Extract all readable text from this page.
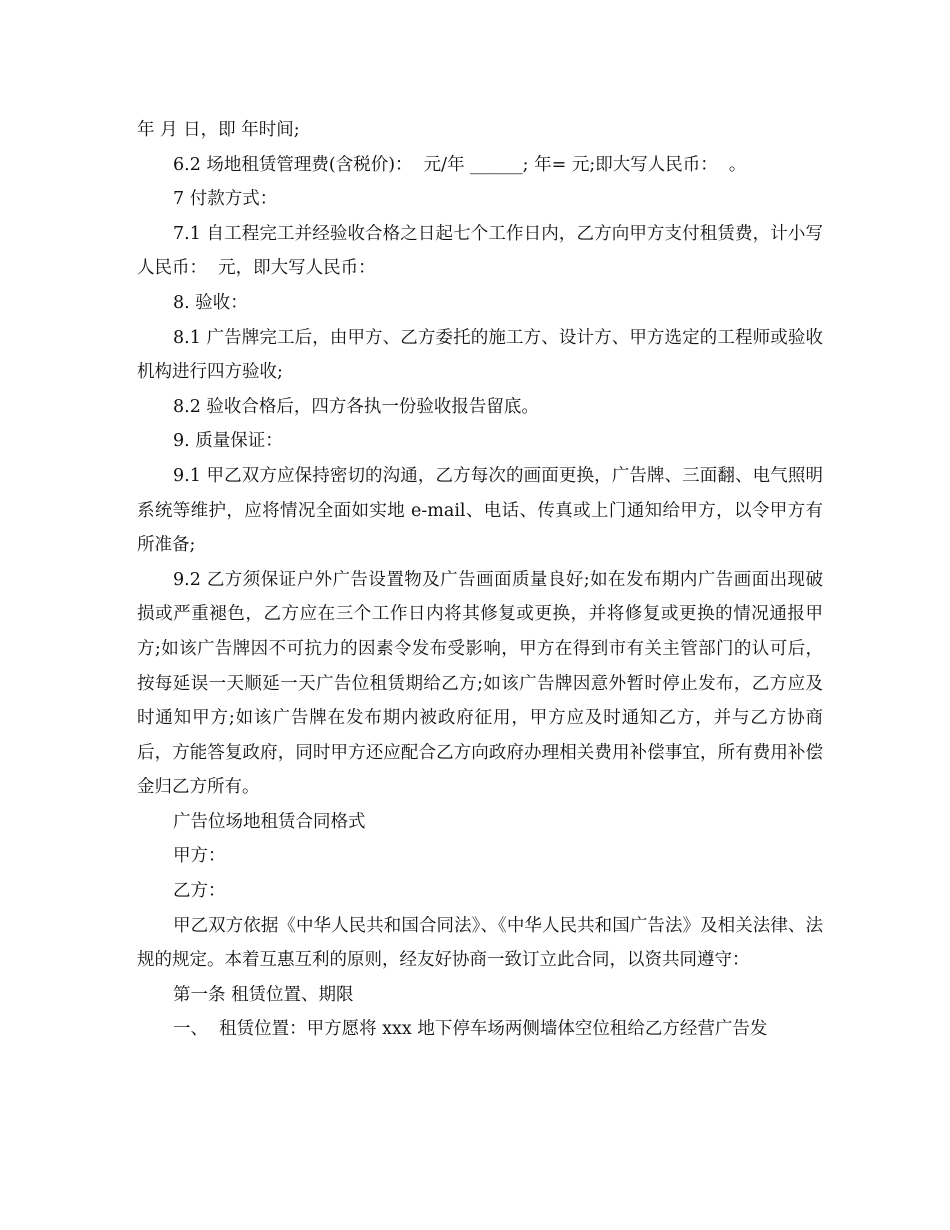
年 月 日，即 年时间;

6.2 场地租赁管理费(含税价)：  元/年 ______; 年= 元;即大写人民币：  。

7 付款方式：

7.1 自工程完工并经验收合格之日起七个工作日内，乙方向甲方支付租赁费，计小写人民币：  元，即大写人民币：

8. 验收：

8.1 广告牌完工后，由甲方、乙方委托的施工方、设计方、甲方选定的工程师或验收机构进行四方验收;

8.2 验收合格后，四方各执一份验收报告留底。

9. 质量保证：

9.1 甲乙双方应保持密切的沟通，乙方每次的画面更换，广告牌、三面翻、电气照明系统等维护，应将情况全面如实地 e-mail、电话、传真或上门通知给甲方，以令甲方有所准备;

9.2 乙方须保证户外广告设置物及广告画面质量良好;如在发布期内广告画面出现破损或严重褪色，乙方应在三个工作日内将其修复或更换，并将修复或更换的情况通报甲方;如该广告牌因不可抗力的因素令发布受影响，甲方在得到市有关主管部门的认可后，按每延误一天顺延一天广告位租赁期给乙方;如该广告牌因意外暂时停止发布，乙方应及时通知甲方;如该广告牌在发布期内被政府征用，甲方应及时通知乙方，并与乙方协商后，方能答复政府，同时甲方还应配合乙方向政府办理相关费用补偿事宜，所有费用补偿金归乙方所有。

广告位场地租赁合同格式

甲方：

乙方：

甲乙双方依据《中华人民共和国合同法》、《中华人民共和国广告法》及相关法律、法规的规定。本着互惠互利的原则，经友好协商一致订立此合同，以资共同遵守：

第一条 租赁位置、期限

一、  租赁位置：甲方愿将 xxx 地下停车场两侧墙体空位租给乙方经营广告发
